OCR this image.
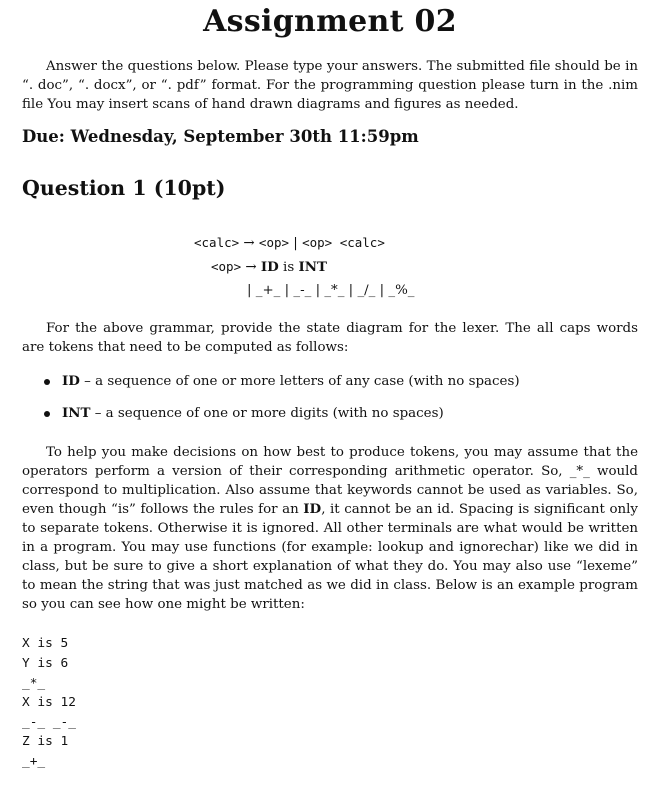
Assignment 02

Answer the questions below. Please type your answers. The submitted file should be in “. doc”, “. docx”, or “. pdf” format. For the programming question please turn in the .nim file You may insert scans of hand drawn diagrams and figures as needed.

Due: Wednesday, September 30th 11:59pm

Question 1 (10pt)
<calc> → <op> | <op> <calc>
<op> → ID is INT
| _+_ | _-_ | _*_ | _/_ | _%_

For the above grammar, provide the state diagram for the lexer. The all caps words are tokens that need to be computed as follows:

ID – a sequence of one or more letters of any case (with no spaces)
INT – a sequence of one or more digits (with no spaces)

To help you make decisions on how best to produce tokens, you may assume that the operators perform a version of their corresponding arithmetic operator. So, _*_ would correspond to multiplication. Also assume that keywords cannot be used as variables. So, even though “is” follows the rules for an ID, it cannot be an id. Spacing is significant only to separate tokens. Otherwise it is ignored. All other terminals are what would be written in a program. You may use functions (for example: lookup and ignorechar) like we did in class, but be sure to give a short explanation of what they do. You may also use “lexeme” to mean the string that was just matched as we did in class. Below is an example program so you can see how one might be written:

X is 5
Y is 6
_*_
X is 12
_-_ _-_
Z is 1
_+_
